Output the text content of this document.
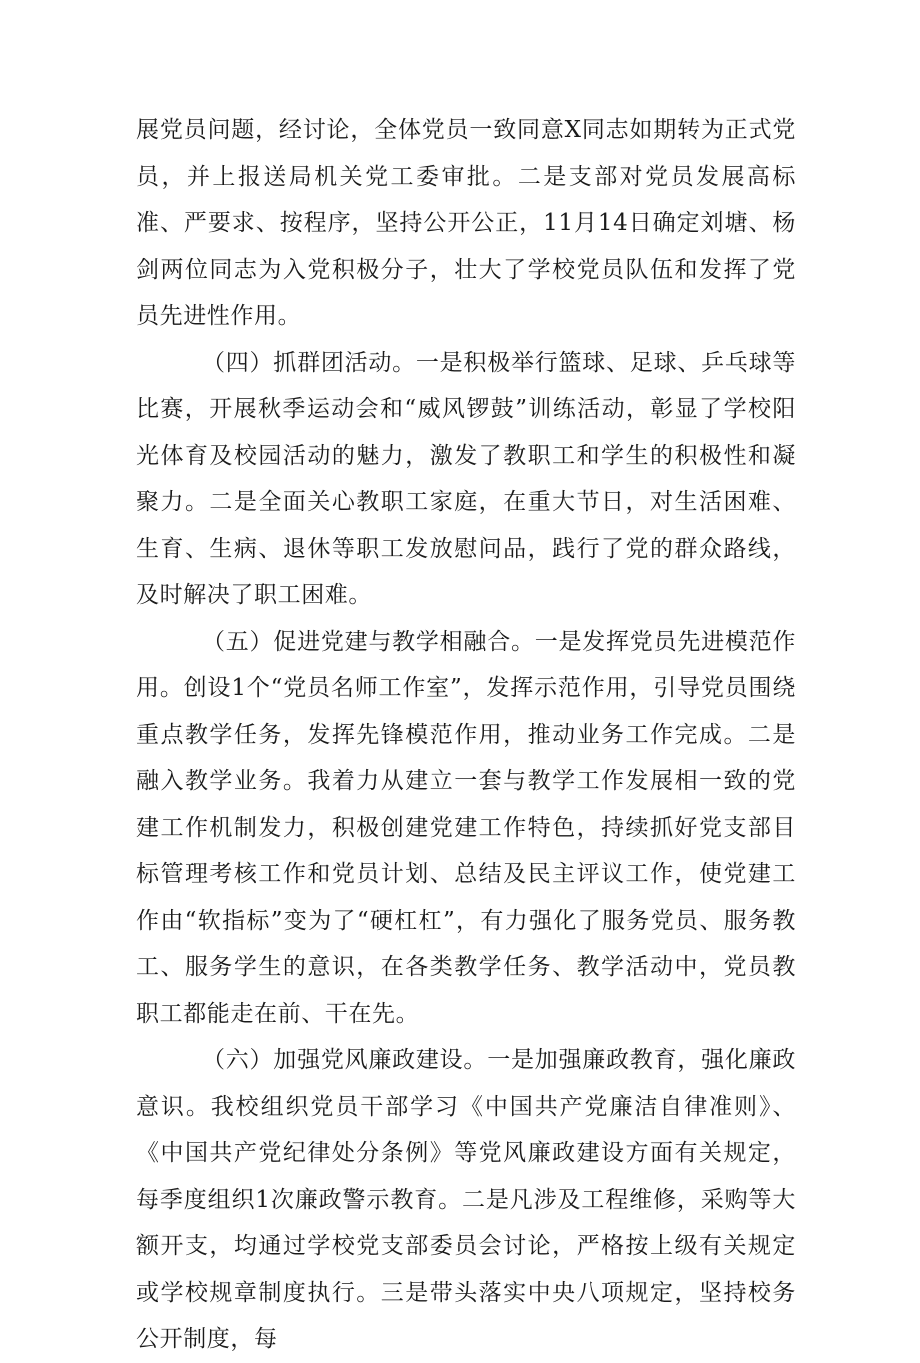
展党员问题，经讨论，全体党员一致同意X同志如期转为正式党员，并上报送局机关党工委审批。二是支部对党员发展高标准、严要求、按程序，坚持公开公正，11月14日确定刘塘、杨剑两位同志为入党积极分子，壮大了学校党员队伍和发挥了党员先进性作用。

（四）抓群团活动。一是积极举行篮球、足球、乒乓球等比赛，开展秋季运动会和“威风锣鼓”训练活动，彰显了学校阳光体育及校园活动的魅力，激发了教职工和学生的积极性和凝聚力。二是全面关心教职工家庭，在重大节日，对生活困难、生育、生病、退休等职工发放慰问品，践行了党的群众路线，及时解决了职工困难。

（五）促进党建与教学相融合。一是发挥党员先进模范作用。创设1个“党员名师工作室”，发挥示范作用，引导党员围绕重点教学任务，发挥先锋模范作用，推动业务工作完成。二是融入教学业务。我着力从建立一套与教学工作发展相一致的党建工作机制发力，积极创建党建工作特色，持续抓好党支部目标管理考核工作和党员计划、总结及民主评议工作，使党建工作由“软指标”变为了“硬杠杠”，有力强化了服务党员、服务教工、服务学生的意识，在各类教学任务、教学活动中，党员教职工都能走在前、干在先。

（六）加强党风廉政建设。一是加强廉政教育，强化廉政意识。我校组织党员干部学习《中国共产党廉洁自律准则》、《中国共产党纪律处分条例》等党风廉政建设方面有关规定，每季度组织1次廉政警示教育。二是凡涉及工程维修，采购等大额开支，均通过学校党支部委员会讨论，严格按上级有关规定或学校规章制度执行。三是带头落实中央八项规定，坚持校务公开制度，每
